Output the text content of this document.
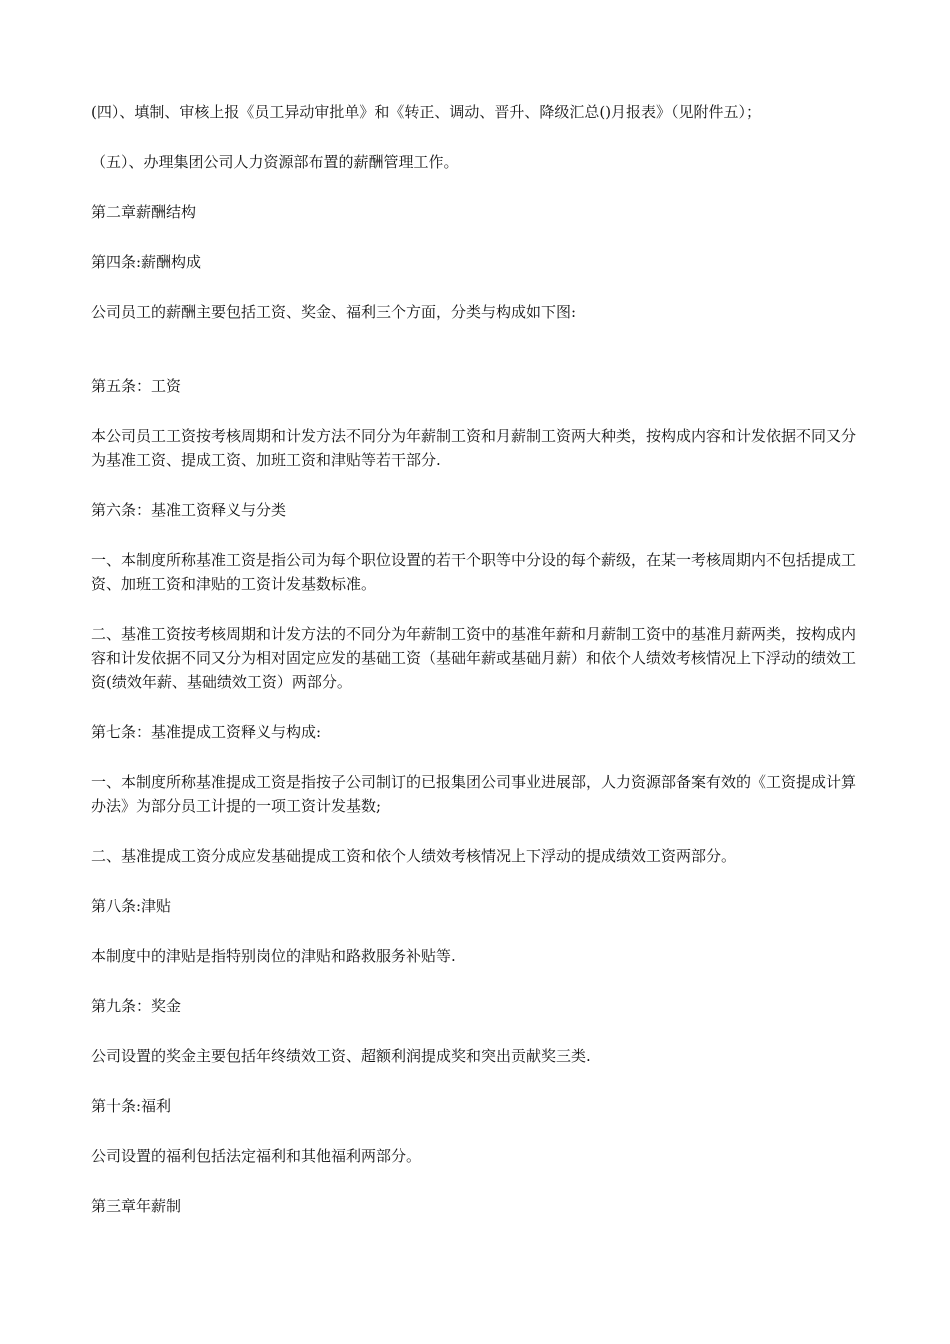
(四）、填制、审核上报《员工异动审批单》和《转正、调动、晋升、降级汇总()月报表》（见附件五）；

（五）、办理集团公司人力资源部布置的薪酬管理工作。

第二章薪酬结构

第四条:薪酬构成

公司员工的薪酬主要包括工资、奖金、福利三个方面，分类与构成如下图:

第五条：工资

本公司员工工资按考核周期和计发方法不同分为年薪制工资和月薪制工资两大种类，按构成内容和计发依据不同又分为基准工资、提成工资、加班工资和津贴等若干部分.

第六条：基准工资释义与分类

一、本制度所称基准工资是指公司为每个职位设置的若干个职等中分设的每个薪级，在某一考核周期内不包括提成工资、加班工资和津贴的工资计发基数标准。

二、基准工资按考核周期和计发方法的不同分为年薪制工资中的基准年薪和月薪制工资中的基准月薪两类，按构成内容和计发依据不同又分为相对固定应发的基础工资（基础年薪或基础月薪）和依个人绩效考核情况上下浮动的绩效工资(绩效年薪、基础绩效工资）两部分。

第七条：基准提成工资释义与构成:

一、本制度所称基准提成工资是指按子公司制订的已报集团公司事业进展部，人力资源部备案有效的《工资提成计算办法》为部分员工计提的一项工资计发基数;

二、基准提成工资分成应发基础提成工资和依个人绩效考核情况上下浮动的提成绩效工资两部分。

第八条:津贴

本制度中的津贴是指特别岗位的津贴和路救服务补贴等.

第九条：奖金

公司设置的奖金主要包括年终绩效工资、超额利润提成奖和突出贡献奖三类.

第十条:福利

公司设置的福利包括法定福利和其他福利两部分。

第三章年薪制
